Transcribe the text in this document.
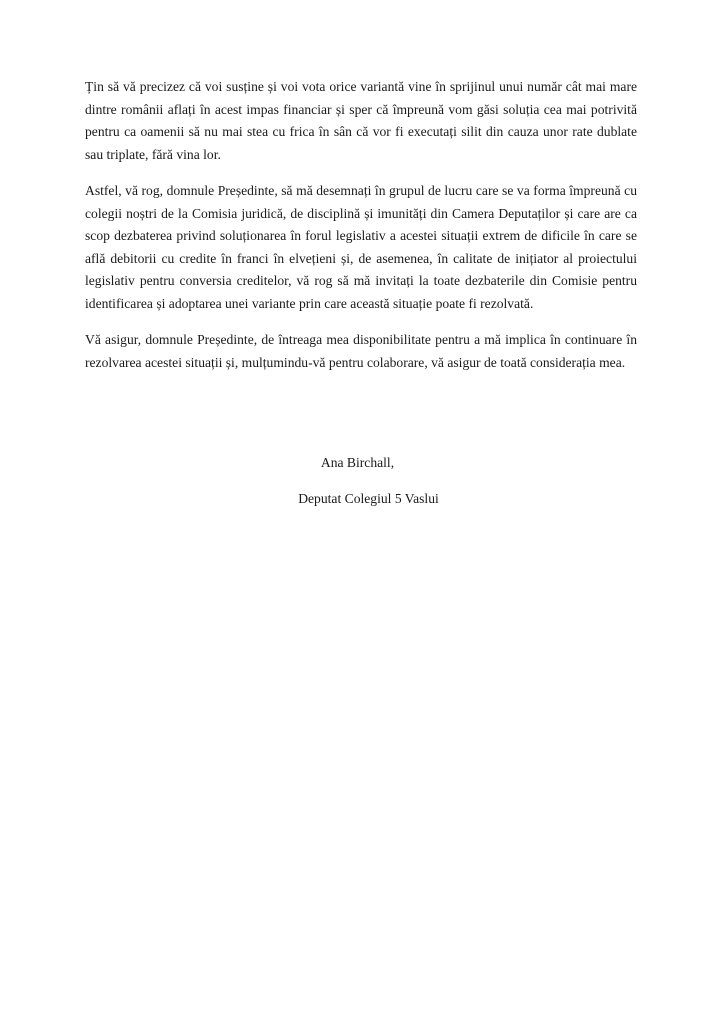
Țin să vă precizez că voi susține și voi vota orice variantă vine în sprijinul unui număr cât mai mare dintre românii aflați în acest impas financiar și sper că împreună vom găsi soluția cea mai potrivită pentru ca oamenii să nu mai stea cu frica în sân că vor fi executați silit din cauza unor rate dublate sau triplate, fără vina lor.

Astfel, vă rog, domnule Președinte, să mă desemnați în grupul de lucru care se va forma împreună cu colegii noștri de la Comisia juridică, de disciplină și imunități din Camera Deputaților și care are ca scop dezbaterea privind soluționarea în forul legislativ a acestei situații extrem de dificile în care se află debitorii cu credite în franci în elvețieni și, de asemenea, în calitate de inițiator al proiectului legislativ pentru conversia creditelor, vă rog să mă invitați la toate dezbaterile din Comisie pentru identificarea și adoptarea unei variante prin care această situație poate fi rezolvată.

Vă asigur, domnule Președinte, de întreaga mea disponibilitate pentru a mă implica în continuare în rezolvarea acestei situații și, mulțumindu-vă pentru colaborare, vă asigur de toată considerația mea.

Ana Birchall,
Deputat Colegiul 5 Vaslui
